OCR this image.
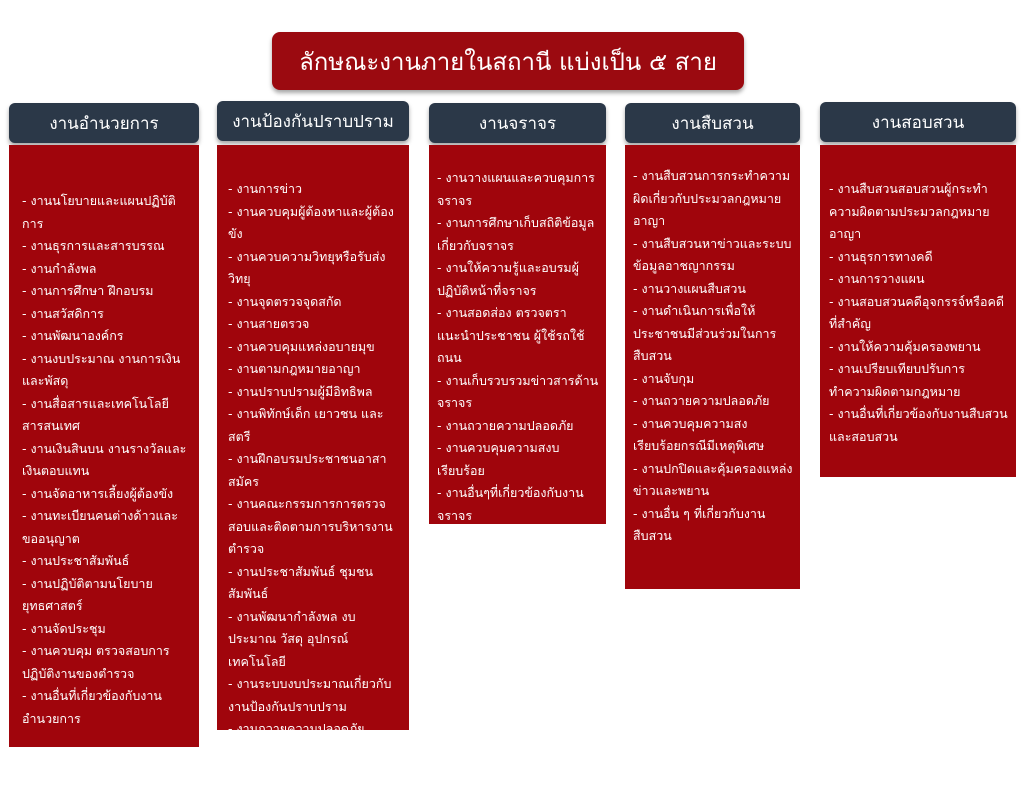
ลักษณะงานภายในสถานี แบ่งเป็น ๕ สาย
งานอำนวยการ
- งานนโยบายและแผนปฏิบัติการ
- งานธุรการและสารบรรณ
- งานกำลังพล
- งานการศึกษา ฝึกอบรม
- งานสวัสดิการ
- งานพัฒนาองค์กร
- งานงบประมาณ งานการเงินและพัสดุ
- งานสื่อสารและเทคโนโลยีสารสนเทศ
- งานเงินสินบน งานรางวัลและเงินตอบแทน
- งานจัดอาหารเลี้ยงผู้ต้องขัง
- งานทะเบียนคนต่างด้าวและขออนุญาต
- งานประชาสัมพันธ์
- งานปฏิบัติตามนโยบายยุทธศาสตร์
- งานจัดประชุม
- งานควบคุม ตรวจสอบการปฏิบัติงานของตำรวจ
- งานอื่นที่เกี่ยวข้องกับงานอำนวยการ
งานป้องกันปราบปราม
- งานการข่าว
- งานควบคุมผู้ต้องหาและผู้ต้องขัง
- งานควบความวิทยุหรือรับส่งวิทยุ
- งานจุดตรวจจุดสกัด
- งานสายตรวจ
- งานควบคุมแหล่งอบายมุข
- งานตามกฎหมายอาญา
- งานปราบปรามผู้มีอิทธิพล
- งานพิทักษ์เด็ก เยาวชน และสตรี
- งานฝึกอบรมประชาชนอาสาสมัคร
- งานคณะกรรมการการตรวจสอบและติดตามการบริหารงานตำรวจ
- งานประชาสัมพันธ์ ชุมชนสัมพันธ์
- งานพัฒนากำลังพล งบประมาณ วัสดุ อุปกรณ์ เทคโนโลยี
- งานระบบงบประมาณเกี่ยวกับงานป้องกันปราบปราม
- งานถวายความปลอดภัย
- งานควบคุมความสงบเรียบร้อย
- งานอื่นที่เกี่ยวกับงานป้องกันปราบปราม
งานจราจร
- งานวางแผนและควบคุมการจราจร
- งานการศึกษาเก็บสถิติข้อมูลเกี่ยวกับจราจร
- งานให้ความรู้และอบรมผู้ปฏิบัติหน้าที่จราจร
- งานสอดส่อง ตรวจตรา แนะนำประชาชน ผู้ใช้รถใช้ถนน
- งานเก็บรวบรวมข่าวสารด้านจราจร
- งานถวายความปลอดภัย
- งานควบคุมความสงบเรียบร้อย
- งานอื่นๆที่เกี่ยวข้องกับงานจราจร
งานสืบสวน
- งานสืบสวนการกระทำความผิดเกี่ยวกับประมวลกฎหมายอาญา
- งานสืบสวนหาข่าวและระบบข้อมูลอาชญากรรม
- งานวางแผนสืบสวน
- งานดำเนินการเพื่อให้ประชาชนมีส่วนร่วมในการสืบสวน
- งานจับกุม
- งานถวายความปลอดภัย
- งานควบคุมความสงเรียบร้อยกรณีมีเหตุพิเศษ
- งานปกปิดและคุ้มครองแหล่งข่าวและพยาน
- งานอื่น ๆ ที่เกี่ยวกับงานสืบสวน
งานสอบสวน
- งานสืบสวนสอบสวนผู้กระทำความผิดตามประมวลกฎหมายอาญา
- งานธุรการทางคดี
- งานการวางแผน
- งานสอบสวนคดีอุจกรรจ์หรือคดีที่สำคัญ
- งานให้ความคุ้มครองพยาน
- งานเปรียบเทียบปรับการทำความผิดตามกฎหมาย
- งานอื่นที่เกี่ยวข้องกับงานสืบสวนและสอบสวน
